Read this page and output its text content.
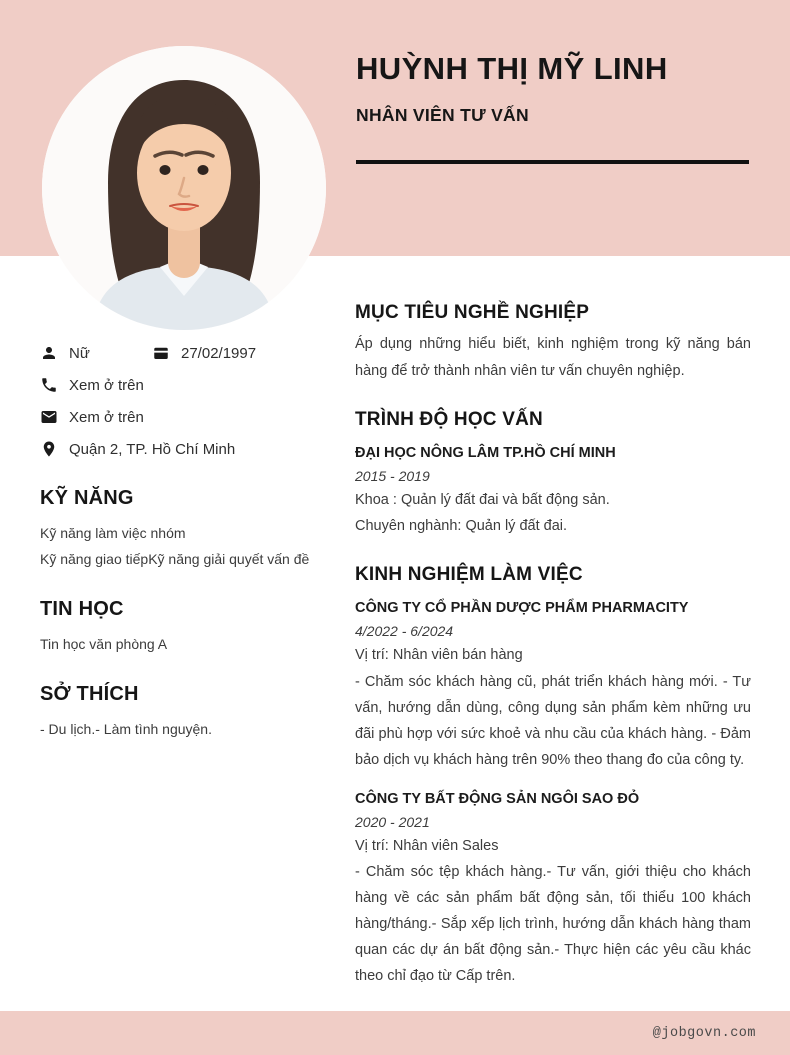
HUỲNH THỊ MỸ LINH
NHÂN VIÊN TƯ VẤN
Nữ	27/02/1997
Xem ở trên
Xem ở trên
Quận 2, TP. Hồ Chí Minh
KỸ NĂNG
Kỹ năng làm việc nhóm
Kỹ năng giao tiếpKỹ năng giải quyết vấn đề
TIN HỌC
Tin học văn phòng A
SỞ THÍCH
- Du lịch.- Làm tình nguyện.
MỤC TIÊU NGHỀ NGHIỆP

Áp dụng những hiểu biết, kinh nghiệm trong kỹ năng bán hàng để trở thành nhân viên tư vấn chuyên nghiệp.

TRÌNH ĐỘ HỌC VẤN
ĐẠI HỌC NÔNG LÂM TP.HỒ CHÍ MINH
2015 - 2019
Khoa : Quản lý đất đai và bất động sản.
Chuyên nghành: Quản lý đất đai.
KINH NGHIỆM LÀM VIỆC
CÔNG TY CỔ PHẦN DƯỢC PHẨM PHARMACITY
4/2022 - 6/2024
Vị trí: Nhân viên bán hàng

- Chăm sóc khách hàng cũ, phát triển khách hàng mới. - Tư vấn, hướng dẫn dùng, công dụng sản phẩm kèm những ưu đãi phù hợp với sức khoẻ và nhu cầu của khách hàng. - Đảm bảo dịch vụ khách hàng trên 90% theo thang đo của công ty.

CÔNG TY BẤT ĐỘNG SẢN NGÔI SAO ĐỎ
2020 - 2021
Vị trí: Nhân viên Sales

- Chăm sóc tệp khách hàng.- Tư vấn, giới thiệu cho khách hàng về các sản phẩm bất động sản, tối thiểu 100 khách hàng/tháng.- Sắp xếp lịch trình, hướng dẫn khách hàng tham quan các dự án bất động sản.- Thực hiện các yêu cầu khác theo chỉ đạo từ Cấp trên.

@jobgovn.com
